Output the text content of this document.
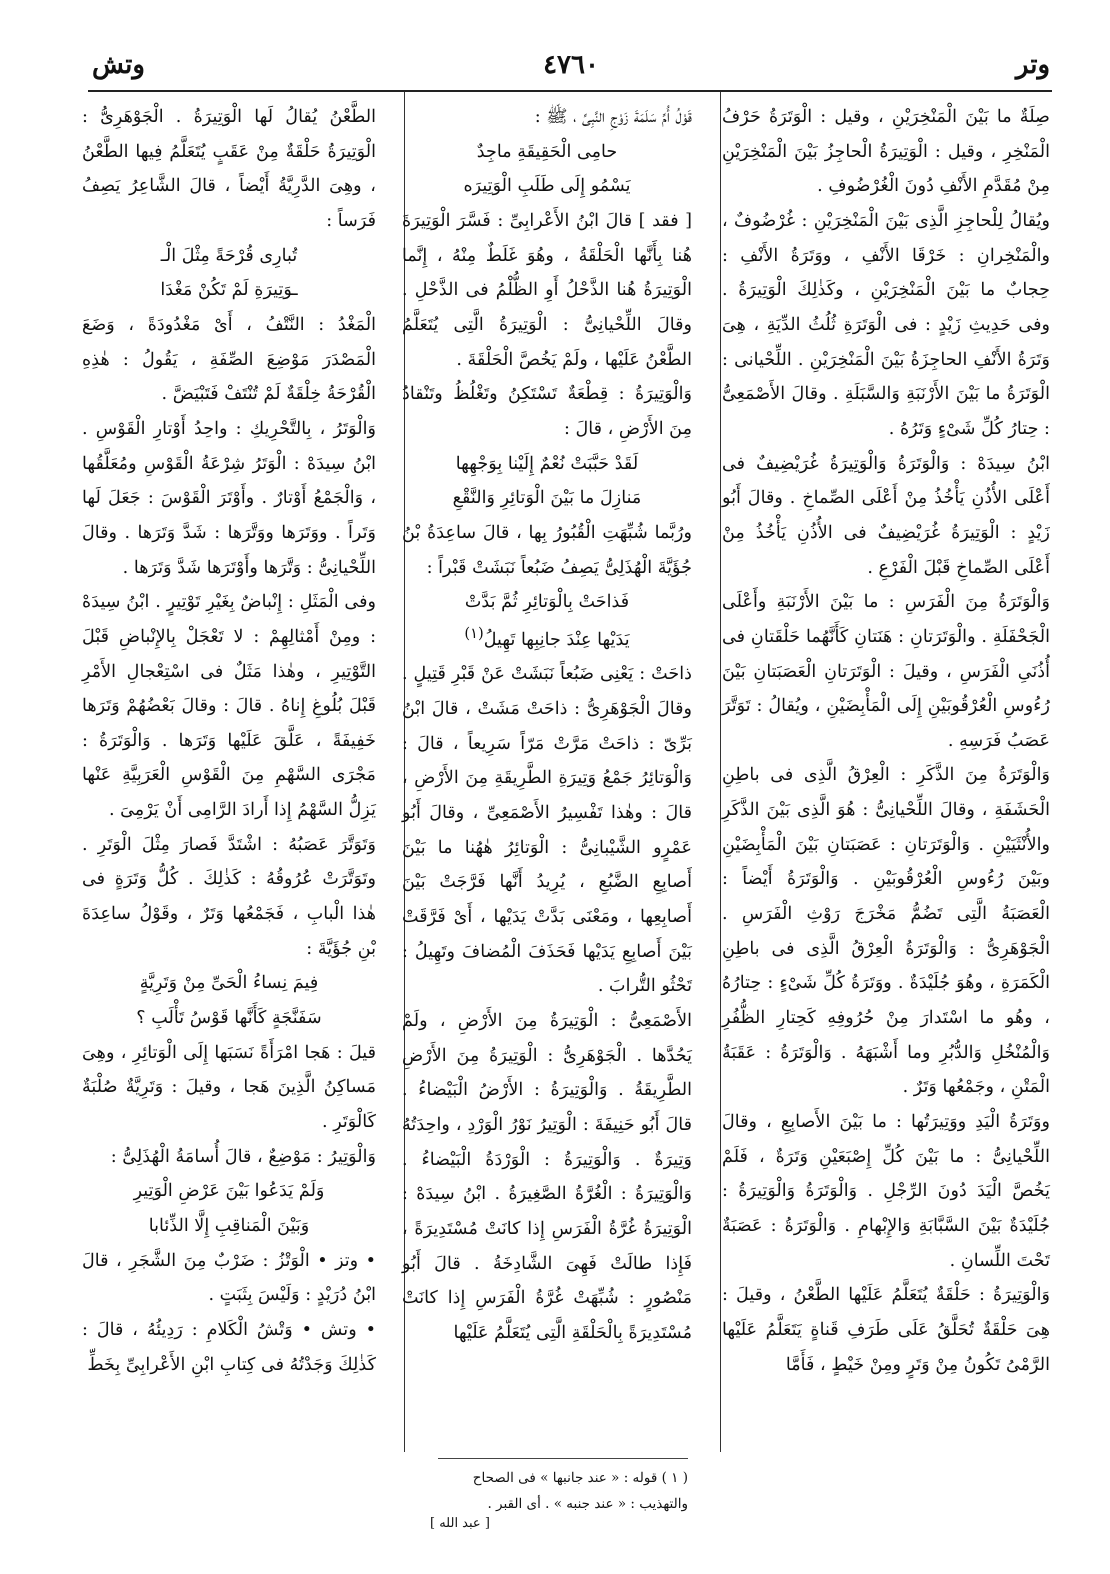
وتر
٤٧٦٠
وتش

صِلَةٌ ما بَيْنَ الْمَنْخِرَيْنِ ، وقيل : الْوَتَرَةُ حَرْفُ الْمَنْخِرِ ، وقيل : الْوَتِيرَةُ الْحاجِزُ بَيْنَ الْمَنْخِرَيْنِ مِنْ مُقَدَّمِ الأَنْفِ دُونَ الْغُرْضُوفِ .

ويُقالُ لِلْحاجِزِ الَّذِى بَيْنَ الْمَنْخِرَيْنِ : غُرْضُوفٌ ، والْمَنْخِرانِ : خَرْقَا الأَنْفِ ، ووَتَرَةُ الأَنْفِ : حِجابٌ ما بَيْنَ الْمَنْخِرَيْنِ ، وكَذٰلِكَ الْوَتِيرَةُ . وفى حَدِيثِ زَيْدٍ : فى الْوَتَرَةِ ثُلُثُ الدِّيَةِ ، هِىَ وَتَرَةُ الأَنْفِ الحاجِزَةُ بَيْنَ الْمَنْخِرَيْنِ . اللِّحْيانى : الْوَتَرَةُ ما بَيْنَ الأَرْنَبَةِ وَالسَّبَلَةِ . وقالَ الأَصْمَعِىُّ : حِتارُ كُلِّ شَىْءٍ وَتَرُهُ .

ابْنُ سِيدَهْ : وَالْوَتَرَةُ وَالْوَتِيرَةُ غُرَيْضِيفٌ فى أَعْلَى الأُذُنِ يَأْخُذُ مِنْ أَعْلَى الصِّماخِ . وقالَ أَبُو زَيْدٍ : الْوَتِيرَةُ غُرَيْضِيفٌ فى الأُذُنِ يَأْخُذُ مِنْ أَعْلَى الصِّماخِ قَبْلَ الْفَرْعِ .

وَالْوَتَرَةُ مِنَ الْفَرَسِ : ما بَيْنَ الأَرْنَبَةِ وأَعْلَى الْجَحْفَلَةِ . والْوَتَرَتانِ : هَنَتانِ كَأَنَّهُما حَلْقَتانِ فى أُذُنَىِ الْفَرَسِ ، وقيلَ : الْوَتَرَتانِ الْعَصَبَتانِ بَيْنَ رُءُوسِ الْعُرْقُوبَيْنِ إِلَى الْمَأْبِضَيْنِ ، ويُقالُ : تَوَتَّرَ عَصَبُ فَرَسِهِ .

وَالْوَتَرَةُ مِنَ الذَّكَرِ : الْعِرْقُ الَّذِى فى باطِنِ الْحَشَفَةِ ، وقالَ اللِّحْيانِىُّ : هُوَ الَّذِى بَيْنَ الذَّكَرِ والأُنْثَيَيْنِ . وَالْوَتَرَتانِ : عَصَبَتانِ بَيْنَ الْمَأْبِضَيْنِ وبَيْنَ رُءُوسِ الْعُرْقُوبَيْنِ . وَالْوَتَرَةُ أَيْضاً : الْعَصَبَةُ الَّتِى تَضُمُّ مَخْرَجَ رَوْثِ الْفَرَسِ . الْجَوْهَرِىُّ : وَالْوَتَرَةُ الْعِرْقُ الَّذِى فى باطِنِ الْكَمَرَةِ ، وهُوَ جُلَيْدَةٌ . ووَتَرَةُ كُلِّ شَىْءٍ : حِتارُهُ ، وهُو ما اسْتَدارَ مِنْ حُرُوفِهِ كَحِتارِ الظُّفُرِ وَالْمُنْخُلِ وَالدُّبُرِ وما أَشْبَهَهُ . وَالْوَتَرَةُ : عَقَبَةُ الْمَتْنِ ، وجَمْعُها وَتَرٌ .

ووَتَرَةُ الْيَدِ ووَتِيرَتُها : ما بَيْنَ الأَصابِعِ ، وقالَ اللِّحْيانِىُّ : ما بَيْنَ كُلِّ إِصْبَعَيْنِ وَتَرَةٌ ، فَلَمْ يَخُصَّ الْيَدَ دُونَ الرِّجْلِ . وَالْوَتَرَةُ وَالْوَتِيرَةُ : جُلَيْدَةٌ بَيْنَ السَّبَّابَةِ وَالإِبْهامِ . وَالْوَتَرَةُ : عَصَبَةٌ تَحْتَ اللِّسانِ .

وَالْوَتِيرَةُ : حَلْقَةٌ يُتَعَلَّمُ عَلَيْها الطَّعْنُ ، وقيلَ : هِىَ حَلْقَةٌ تُحَلَّقُ عَلَى طَرَفِ قَناةٍ يَتَعَلَّمُ عَلَيْها الرَّمْىُ تَكُونُ مِنْ وَتَرٍ ومِنْ خَيْطٍ ، فَأَمَّا

قَوْلُ أُمِّ سَلَمَةَ زَوْجِ النَّبِىِّ ، ﷺ :

حامِى الْحَقِيقَةِ ماجِدٌ

يَسْمُو إِلَى طَلَبِ الْوَتِيرَه

[ فقد ] قالَ ابْنُ الأَعْرابِىِّ : فَسَّرَ الْوَتِيرَةَ هُنا بِأَنَّها الْحَلْقَةُ ، وهُوَ غَلَطٌ مِنْهُ ، إِنَّما الْوَتِيرَةُ هُنا الذَّحْلُ أَوِ الظُّلْمُ فى الذَّحْلِ . وقالَ اللِّحْيانِىُّ : الْوَتِيرَةُ الَّتِى يُتَعَلَّمُ الطَّعْنُ عَلَيْها ، ولَمْ يَخُصَّ الْحَلْقَةَ .

وَالْوَتِيرَةُ : قِطْعَةٌ تَسْتَكِنُ وتَغْلُظُ وتَنْقادُ مِنَ الأَرْضِ ، قالَ :

لَقَدْ حَبَّبَتْ نُعْمٌ إِلَيْنا بِوَجْهِها

مَنازِلَ ما بَيْنَ الْوَتائِرِ وَالنَّقْعِ

ورُبَّما شُبِّهَتِ الْقُبُورُ بِها ، قالَ ساعِدَةُ بْنُ جُؤَيَّةَ الْهُذَلِىُّ يَصِفُ ضَبُعاً نَبَشَتْ قَبْراً :

فَذاحَتْ بِالْوَتائِرِ ثُمَّ بَدَّتْ

يَدَيْها عِنْدَ جانِبِها تَهِيلُ$^{(١)}$

ذاحَتْ : يَعْنِى ضَبُعاً نَبَشَتْ عَنْ قَبْرِ قَتِيلٍ . وقالَ الْجَوْهَرِىُّ : ذاحَتْ مَشَتْ ، قالَ ابْنُ بَرِّىّ : ذاحَتْ مَرَّتْ مَرّاً سَرِيعاً ، قالَ : وَالْوَتائِرُ جَمْعُ وَتِيرَةِ الطَّرِيقَةِ مِنَ الأَرْضِ ، قالَ : وهٰذا تَفْسِيرُ الأَصْمَعِىِّ ، وقالَ أَبُو عَمْرٍو الشَّيْبانِىُّ : الْوَتائِرُ هٰهُنا ما بَيْنَ أَصابِعِ الضَّبُعِ ، يُرِيدُ أَنَّها فَرَّجَتْ بَيْنَ أَصابِعِها ، ومَعْنَى بَدَّتْ يَدَيْها ، أَىْ فَرَّقَتْ بَيْنَ أَصابِعِ يَدَيْها فَحَذَفَ الْمُضافَ وتَهِيلُ : تَحْثُو التُّرابَ .

الأَصْمَعِىُّ : الْوَتِيرَةُ مِنَ الأَرْضِ ، ولَمْ يَحُدَّها . الْجَوْهَرِىُّ : الْوَتِيرَةُ مِنَ الأَرْضِ الطَّرِيقَةُ . وَالْوَتِيرَةُ : الأَرْضُ الْبَيْضاءُ . قالَ أَبُو حَنِيفَةَ : الْوَتِيرُ نَوْرُ الْوَرْدِ ، واحِدَتُهُ وَتِيرَةٌ . وَالْوَتِيرَةُ : الْوَرْدَةُ الْبَيْضاءُ . وَالْوَتِيرَةُ : الْغُرَّةُ الصَّغِيرَةُ . ابْنُ سِيدَهْ : الْوَتِيرَةُ غُرَّةُ الْفَرَسِ إِذا كانَتْ مُسْتَدِيرَةً ، فَإِذا طالَتْ فَهِىَ الشَّادِخَةُ . قالَ أَبُو مَنْصُورٍ : شُبِّهَتْ غُرَّةُ الْفَرَسِ إِذا كانَتْ مُسْتَدِيرَةً بِالْحَلْقَةِ الَّتِى يُتَعَلَّمُ عَلَيْها

الطَّعْنُ يُقالُ لَها الْوَتِيرَةُ . الْجَوْهَرِىُّ : الْوَتِيرَةُ حَلْقَةٌ مِنْ عَقَبٍ يُتَعَلَّمُ فِيها الطَّعْنُ ، وهِىَ الدَّرِيَّةُ أَيْضاً ، قالَ الشَّاعِرُ يَصِفُ فَرَساً :

تُبارِى قُرْحَةً مِثْلَ الْـ

ـوَتِيرَةِ لَمْ تَكُنْ مَغْدَا

الْمَغْدُ : النَّتْفُ ، أَىْ مَغْدُودَةً ، وَضَعَ الْمَصْدَرَ مَوْضِعَ الصِّفَةِ ، يَقُولُ : هٰذِهِ الْقُرْحَةُ خِلْقَةٌ لَمْ تُنْتَفْ فَتَبْيَضَّ .

وَالْوَتَرُ ، بِالتَّحْرِيكِ : واحِدُ أَوْتارِ الْقَوْسِ . ابْنُ سِيدَهْ : الْوَتَرُ شِرْعَةُ الْقَوْسِ ومُعَلَّقُها ، وَالْجَمْعُ أَوْتارٌ . وأَوْتَرَ الْقَوْسَ : جَعَلَ لَها وَتَراً . ووَتَرَها ووَتَّرَها : شَدَّ وَتَرَها . وقالَ اللِّحْيانِىُّ : وَتَّرَها وأَوْتَرَها شَدَّ وَتَرَها .

وفى الْمَثَلِ : إِنْباضٌ بِغَيْرِ تَوْتِيرٍ . ابْنُ سِيدَهْ : ومِنْ أَمْثالِهِمْ : لا تَعْجَلْ بِالإِنْباضِ قَبْلَ التَّوْتِيرِ ، وهٰذا مَثَلٌ فى اسْتِعْجالِ الأَمْرِ قَبْلَ بُلُوغِ إِناهُ . قالَ : وقالَ بَعْضُهُمْ وَتَرَها خَفِيفَةً ، عَلَّقَ عَلَيْها وَتَرَها . وَالْوَتَرَةُ : مَجْرَى السَّهْمِ مِنَ الْقَوْسِ الْعَرَبِيَّةِ عَنْها يَزِلُّ السَّهْمُ إِذا أَرادَ الرَّامِى أَنْ يَرْمِىَ .

وَتَوَتَّرَ عَصَبُهُ : اشْتَدَّ فَصارَ مِثْلَ الْوَتَرِ . وتَوَتَّرَتْ عُرُوقُهُ : كَذٰلِكَ . كُلُّ وَتَرَةٍ فى هٰذا الْبابِ ، فَجَمْعُها وَتَرٌ ، وقَوْلُ ساعِدَةَ بْنِ جُؤَيَّةَ :

فِيمَ نِساءُ الْحَىِّ مِنْ وَتَرِيَّةٍ

سَفَنَّجَةٍ كَأَنَّها قَوْسُ تَأْلَبِ ؟

قيلَ : هَجا امْرَأَةً نَسَبَها إِلَى الْوَتائِرِ ، وهِىَ مَساكِنُ الَّذِينَ هَجا ، وقيلَ : وَتَرِيَّةٌ صُلْبَةٌ كَالْوَتَرِ .

وَالْوَتِيرُ : مَوْضِعٌ ، قالَ أُسامَةُ الْهُذَلِىُّ :

وَلَمْ يَدَعُوا بَيْنَ عَرْضِ الْوَتِيرِ

وَبَيْنَ الْمَناقِبِ إِلَّا الذِّئابا

• وتز • الْوَتْزُ : ضَرْبٌ مِنَ الشَّجَرِ ، قالَ ابْنُ دُرَيْدٍ : وَلَيْسَ بِثَبَتٍ .

• وتش • وَتْشُ الْكَلامِ : رَدِيئُهُ ، قالَ : كَذٰلِكَ وَجَدْتُهُ فى كِتابِ ابْنِ الأَعْرابِىِّ بِخَطِّ

( ١ ) قوله : « عند جانبها » فى الصحاح

والتهذيب : « عند جنبه » . أى القبر .

[ عبد الله ]
